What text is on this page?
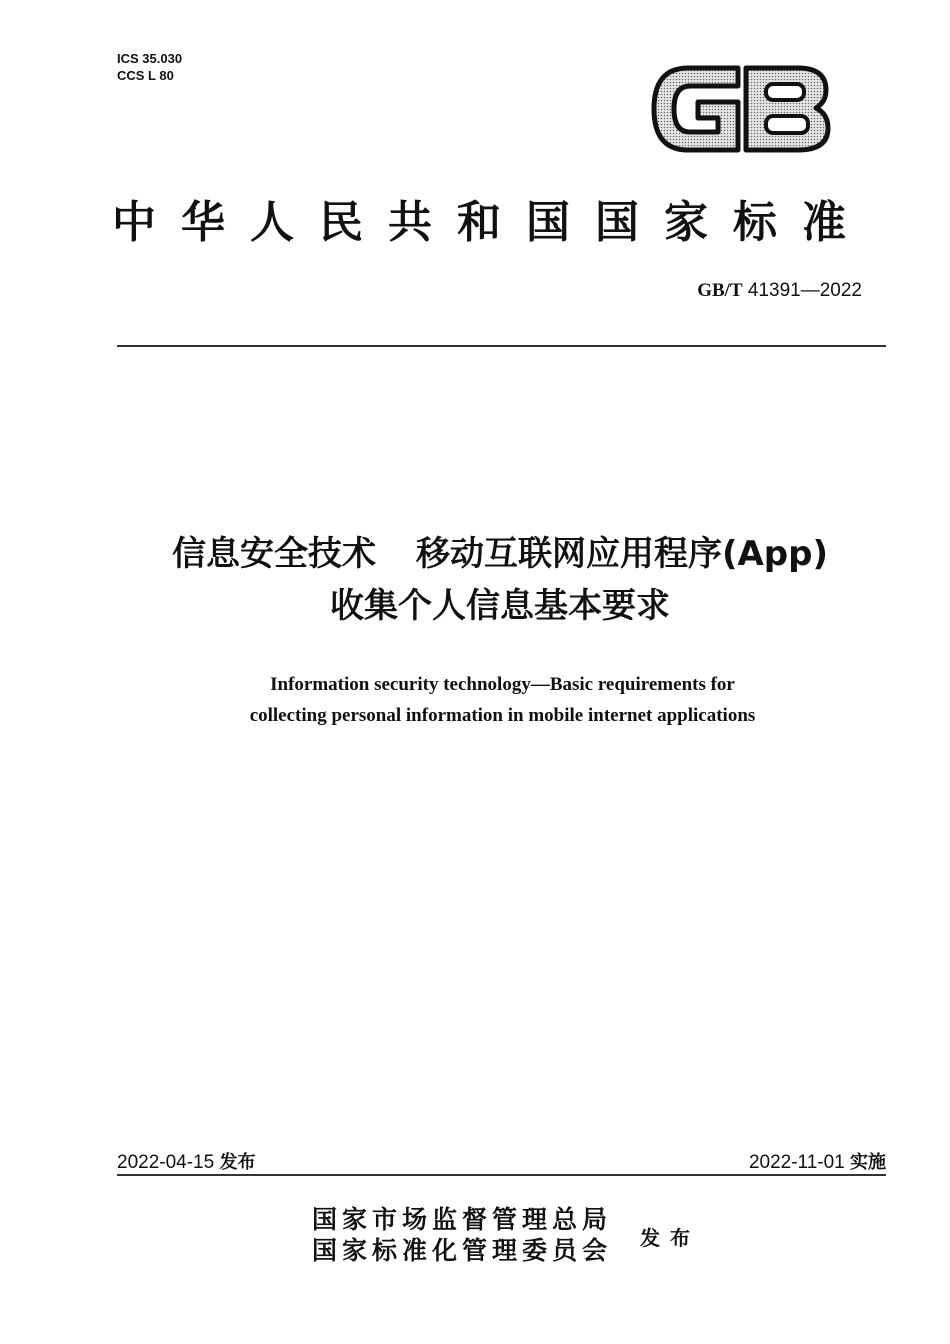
ICS 35.030
CCS L 80
中华人民共和国国家标准
GB/T 41391—2022
信息安全技术 移动互联网应用程序(App)
收集个人信息基本要求
Information security technology—Basic requirements for
collecting personal information in mobile internet applications
2022-04-15 发布	2022-11-01 实施
国家市场监督管理总局
国家标准化管理委员会 发布
